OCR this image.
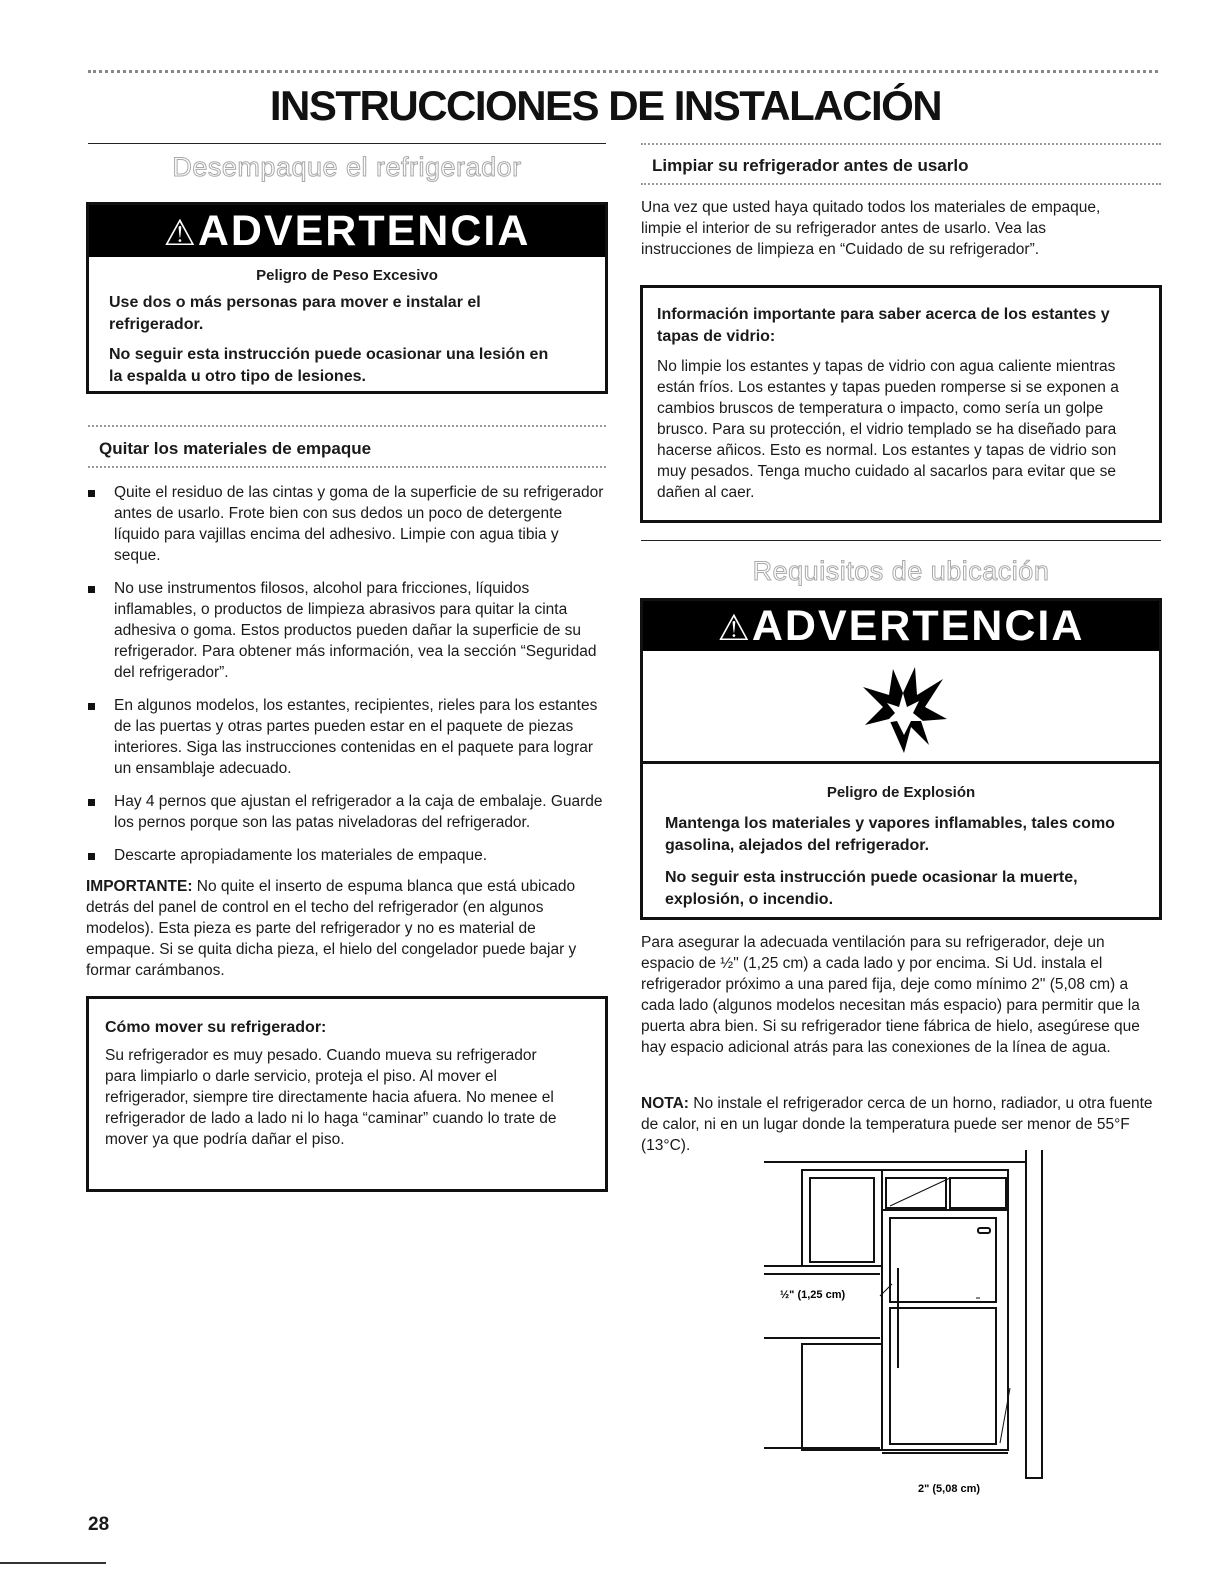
INSTRUCCIONES DE INSTALACIÓN
Desempaque el refrigerador
⚠ADVERTENCIA
Peligro de Peso Excesivo
Use dos o más personas para mover e instalar el refrigerador.
No seguir esta instrucción puede ocasionar una lesión en la espalda u otro tipo de lesiones.
Quitar los materiales de empaque
Quite el residuo de las cintas y goma de la superficie de su refrigerador antes de usarlo. Frote bien con sus dedos un poco de detergente líquido para vajillas encima del adhesivo. Limpie con agua tibia y seque.
No use instrumentos filosos, alcohol para fricciones, líquidos inflamables, o productos de limpieza abrasivos para quitar la cinta adhesiva o goma. Estos productos pueden dañar la superficie de su refrigerador. Para obtener más información, vea la sección “Seguridad del refrigerador”.
En algunos modelos, los estantes, recipientes, rieles para los estantes de las puertas y otras partes pueden estar en el paquete de piezas interiores. Siga las instrucciones contenidas en el paquete para lograr un ensamblaje adecuado.
Hay 4 pernos que ajustan el refrigerador a la caja de embalaje. Guarde los pernos porque son las patas niveladoras del refrigerador.
Descarte apropiadamente los materiales de empaque.
IMPORTANTE: No quite el inserto de espuma blanca que está ubicado detrás del panel de control en el techo del refrigerador (en algunos modelos). Esta pieza es parte del refrigerador y no es material de empaque. Si se quita dicha pieza, el hielo del congelador puede bajar y formar carámbanos.
Cómo mover su refrigerador:
Su refrigerador es muy pesado. Cuando mueva su refrigerador para limpiarlo o darle servicio, proteja el piso. Al mover el refrigerador, siempre tire directamente hacia afuera. No menee el refrigerador de lado a lado ni lo haga “caminar” cuando lo trate de mover ya que podría dañar el piso.
Limpiar su refrigerador antes de usarlo
Una vez que usted haya quitado todos los materiales de empaque, limpie el interior de su refrigerador antes de usarlo. Vea las instrucciones de limpieza en “Cuidado de su refrigerador”.
Información importante para saber acerca de los estantes y tapas de vidrio:
No limpie los estantes y tapas de vidrio con agua caliente mientras están fríos. Los estantes y tapas pueden romperse si se exponen a cambios bruscos de temperatura o impacto, como sería un golpe brusco. Para su protección, el vidrio templado se ha diseñado para hacerse añicos. Esto es normal. Los estantes y tapas de vidrio son muy pesados. Tenga mucho cuidado al sacarlos para evitar que se dañen al caer.
Requisitos de ubicación
⚠ADVERTENCIA
Peligro de Explosión
Mantenga los materiales y vapores inflamables, tales como gasolina, alejados del refrigerador.
No seguir esta instrucción puede ocasionar la muerte, explosión, o incendio.
Para asegurar la adecuada ventilación para su refrigerador, deje un espacio de ½" (1,25 cm) a cada lado y por encima. Si Ud. instala el refrigerador próximo a una pared fija, deje como mínimo 2" (5,08 cm) a cada lado (algunos modelos necesitan más espacio) para permitir que la puerta abra bien. Si su refrigerador tiene fábrica de hielo, asegúrese que hay espacio adicional atrás para las conexiones de la línea de agua.
NOTA: No instale el refrigerador cerca de un horno, radiador, u otra fuente de calor, ni en un lugar donde la temperatura puede ser menor de 55°F (13°C).
½" (1,25 cm)
2" (5,08 cm)
28
